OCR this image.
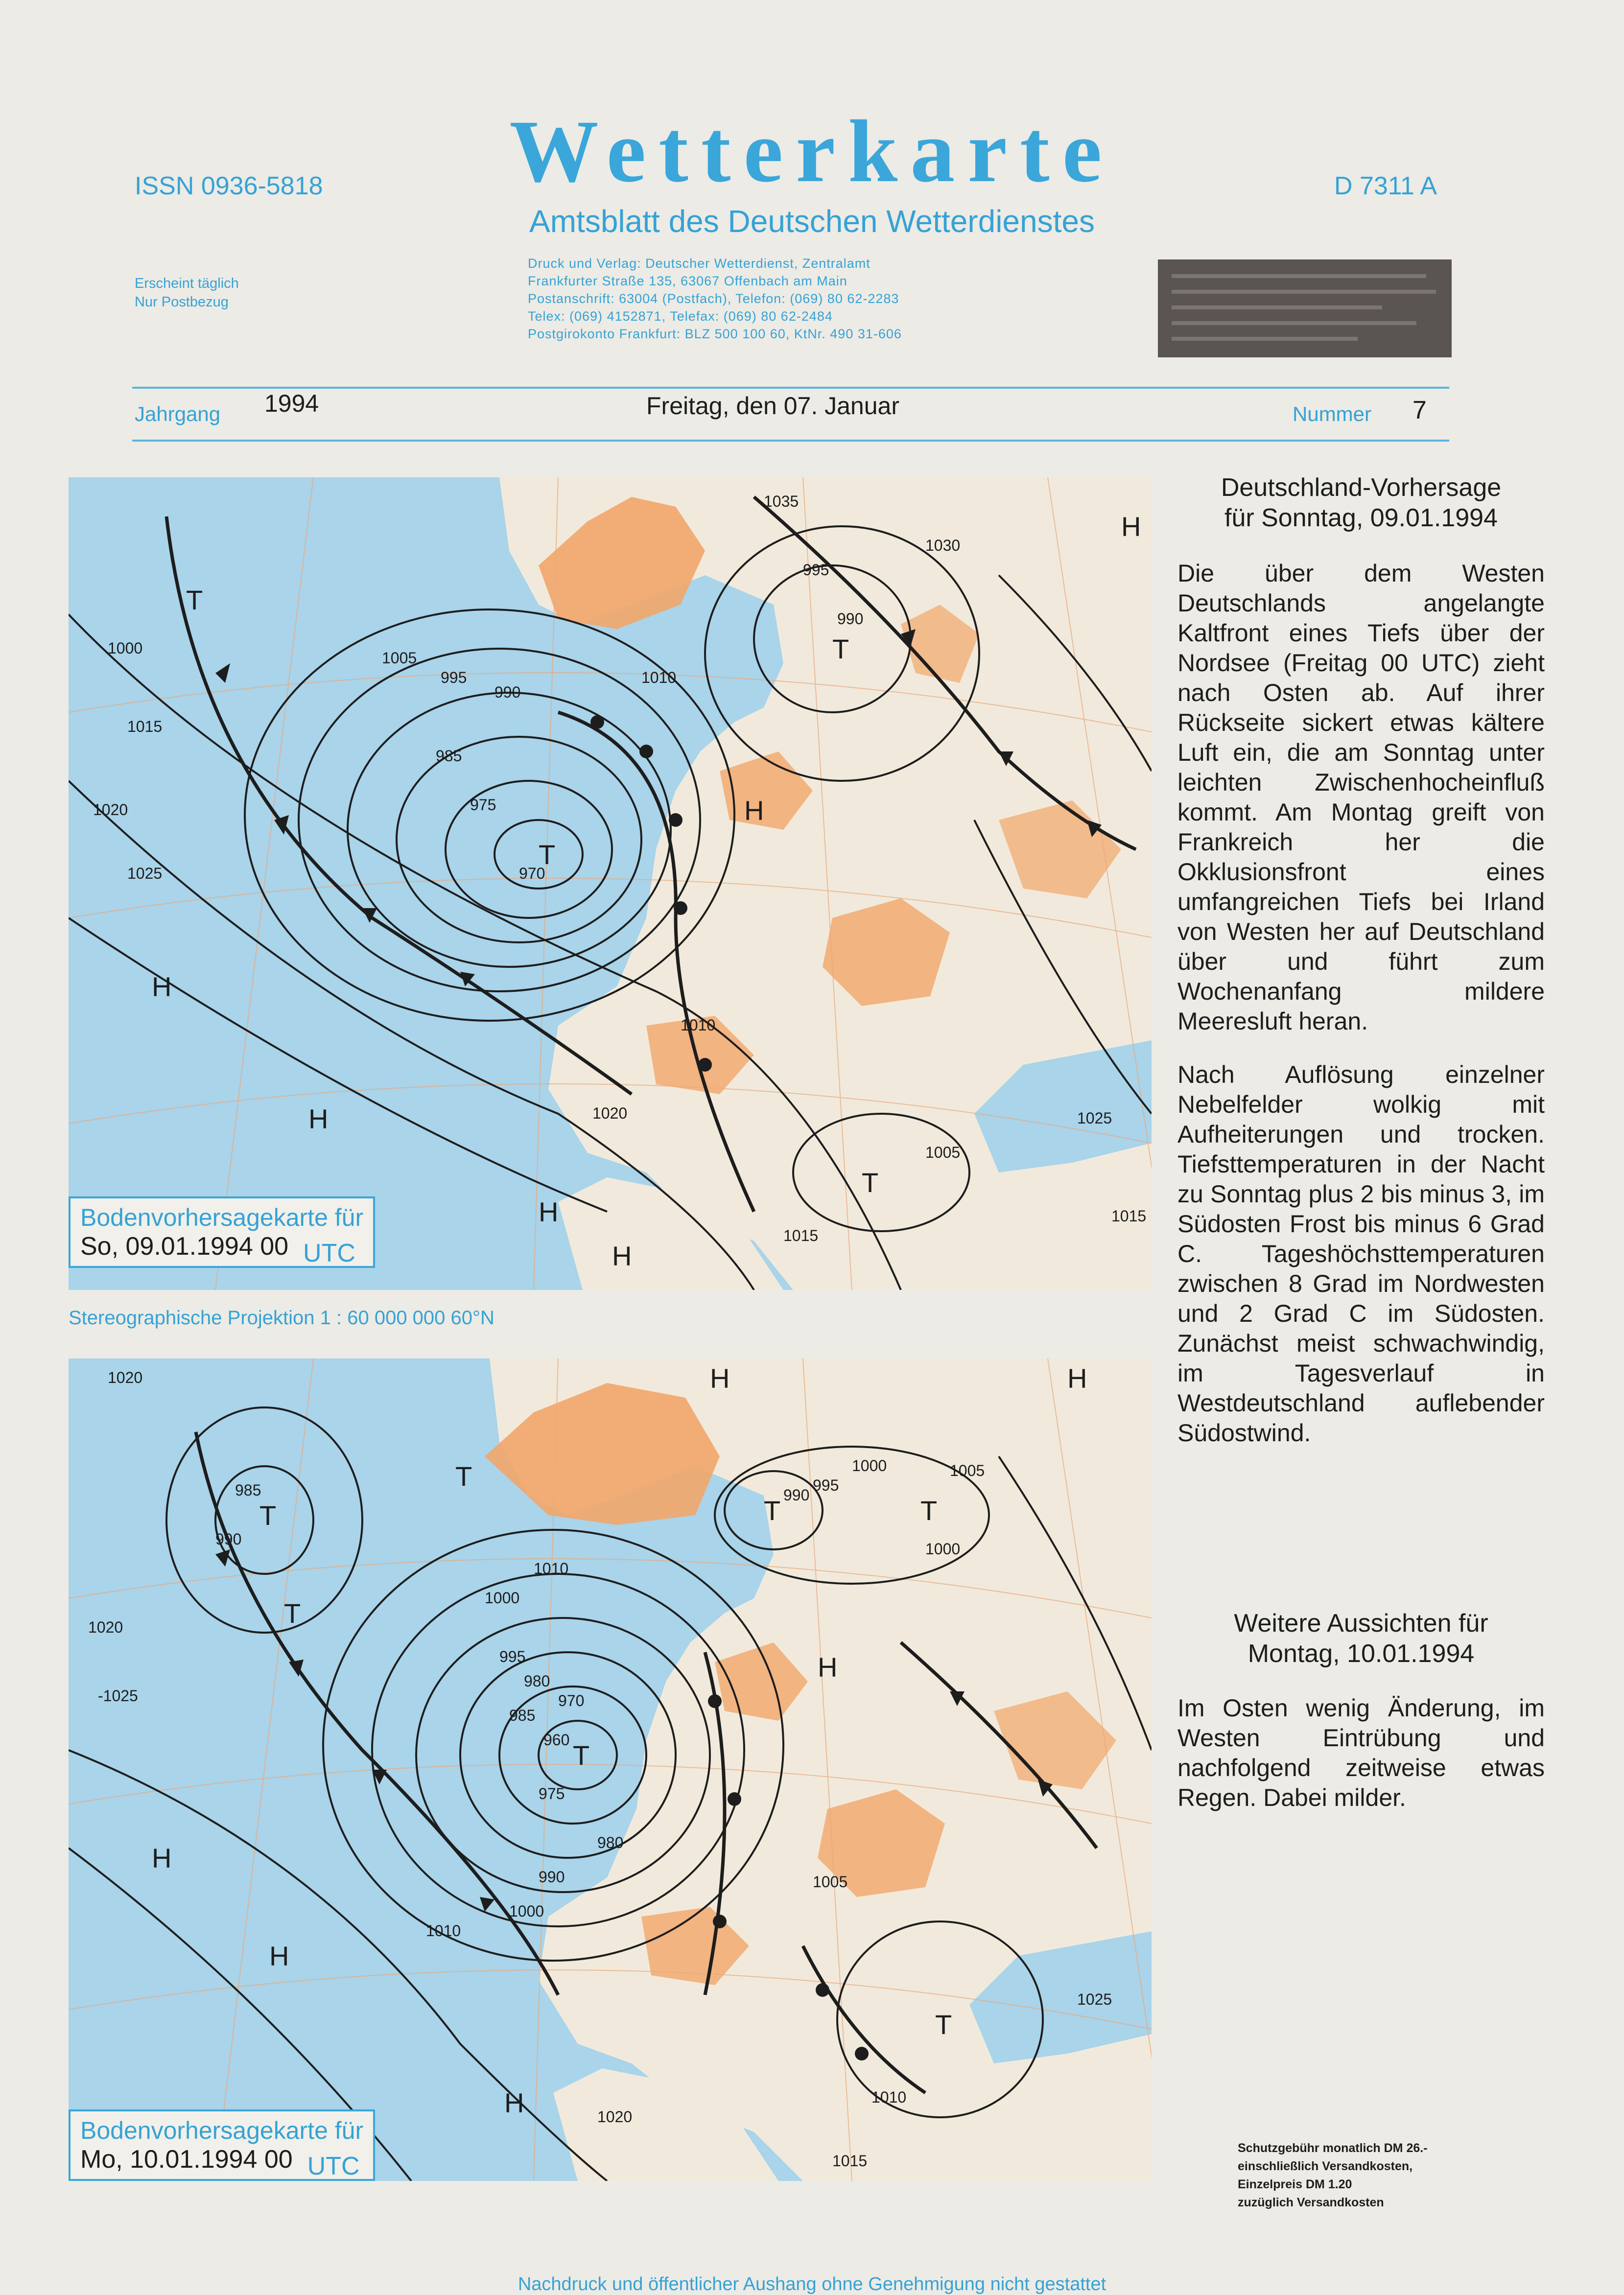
ISSN 0936-5818	Wetterkarte	D 7311 A
Amtsblatt des Deutschen Wetterdienstes
Erscheint täglich
Nur Postbezug
Druck und Verlag: Deutscher Wetterdienst, Zentralamt
Frankfurter Straße 135, 63067 Offenbach am Main
Postanschrift: 63004 (Postfach), Telefon: (069) 80 62-2283
Telex: (069) 4152871, Telefax: (069) 80 62-2484
Postgirokonto Frankfurt: BLZ 500 100 60, KtNr. 490 31-606
Jahrgang 1994	Freitag, den 07. Januar	Nummer 7
T
T
T
T
H
H
H
H
H
H
970
975
985
990
995
1005
1010
1010
1020
990
995
1030
1035
1000
1015
1020
1025
1015
1005
1025
1015
Bodenvorhersagekarte für
So, 09.01.1994 00 UTC
Stereographische Projektion 1 : 60 000 000 60°N
T
T
T
T	T
T
T
H
H
H
H
H	H
960
970
980
985
995
975
980
990
1000
1010
1010
1000
985
990
1020
1020
-1025
990
995
1000	1005
1000
1005
1010
1020
1015
1025
Bodenvorhersagekarte für
Mo, 10.01.1994 00 UTC
Deutschland-Vorhersage
für Sonntag, 09.01.1994

Die über dem Westen Deutschlands angelangte Kaltfront eines Tiefs über der Nordsee (Freitag 00 UTC) zieht nach Osten ab. Auf ihrer Rückseite sickert etwas kältere Luft ein, die am Sonntag unter leichten Zwischenhocheinfluß kommt. Am Montag greift von Frankreich her die Okklusionsfront eines umfangreichen Tiefs bei Irland von Westen her auf Deutschland über und führt zum Wochenanfang mildere Meeresluft heran.

Nach Auflösung einzelner Nebelfelder wolkig mit Aufheiterungen und trocken. Tiefsttemperaturen in der Nacht zu Sonntag plus 2 bis minus 3, im Südosten Frost bis minus 6 Grad C. Tageshöchsttemperaturen zwischen 8 Grad im Nordwesten und 2 Grad C im Südosten. Zunächst meist schwachwindig, im Tagesverlauf in Westdeutschland auflebender Südostwind.

Weitere Aussichten für
Montag, 10.01.1994

Im Osten wenig Änderung, im Westen Eintrübung und nachfolgend zeitweise etwas Regen. Dabei milder.

Schutzgebühr monatlich DM 26.-
einschließlich Versandkosten,
Einzelpreis DM 1.20
zuzüglich Versandkosten
Nachdruck und öffentlicher Aushang ohne Genehmigung nicht gestattet
